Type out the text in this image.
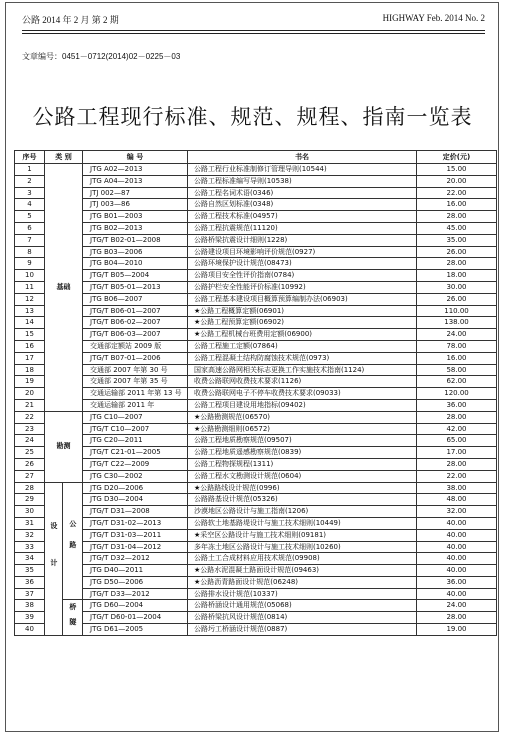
公路 2014 年 2 月 第 2 期	HIGHWAY Feb. 2014 No. 2
文章编号：0451－0712(2014)02－0225－03
公路工程现行标准、规范、规程、指南一览表
序号	类 别		编 号	书名	定价(元)
1	基础		JTG A02—2013	公路工程行业标准制修订管理导则(10544)	15.00
2			JTG A04—2013	公路工程标准编写导则(10538)	20.00
3			JTJ 002—87	公路工程名词术语(0346)	22.00
4			JTJ 003—86	公路自然区划标准(0348)	16.00
5			JTG B01—2003	公路工程技术标准(04957)	28.00
6			JTG B02—2013	公路工程抗震规范(11120)	45.00
7			JTG/T B02-01—2008	公路桥梁抗震设计细则(1228)	35.00
8			JTG B03—2006	公路建设项目环境影响评价规范(0927)	26.00
9			JTG B04—2010	公路环境保护设计规范(08473)	28.00
10			JTG/T B05—2004	公路项目安全性评价指南(0784)	18.00
11			JTG/T B05-01—2013	公路护栏安全性能评价标准(10992)	30.00
12			JTG B06—2007	公路工程基本建设项目概算预算编制办法(06903)	26.00
13			JTG/T B06-01—2007	★公路工程概算定额(06901)	110.00
14			JTG/T B06-02—2007	★公路工程预算定额(06902)	138.00
15			JTG/T B06-03—2007	★公路工程机械台班费用定额(06900)	24.00
16			交通部定额站 2009 版	公路工程施工定额(07864)	78.00
17			JTG/T B07-01—2006	公路工程混凝土结构防腐蚀技术规范(0973)	16.00
18			交通部 2007 年第 30 号	国家高速公路网相关标志更换工作实施技术指南(1124)	58.00
19			交通部 2007 年第 35 号	收费公路联网收费技术要求(1126)	62.00
20			交通运输部 2011 年第 13 号	收费公路联网电子不停车收费技术要求(09033)	120.00
21			交通运输部 2011 年	公路工程项目建设用地指标(09402)	36.00
22	勘测		JTG C10—2007	★公路勘测规范(06570)	28.00
23			JTG/T C10—2007	★公路勘测细则(06572)	42.00
24			JTG C20—2011	公路工程地质勘察规范(09507)	65.00
25			JTG/T C21-01—2005	公路工程地质遥感勘察规范(0839)	17.00
26			JTG/T C22—2009	公路工程物探规程(1311)	28.00
27			JTG C30—2002	公路工程水文勘测设计规范(0604)	22.00
28	设计	公路	JTG D20—2006	★公路路线设计规范(0996)	38.00
29			JTG D30—2004	公路路基设计规范(05326)	48.00
30			JTG/T D31—2008	沙漠地区公路设计与施工指南(1206)	32.00
31			JTG/T D31-02—2013	公路软土地基路堤设计与施工技术细则(10449)	40.00
32			JTG/T D31-03—2011	★采空区公路设计与施工技术细则(09181)	40.00
33			JTG/T D31-04—2012	多年冻土地区公路设计与施工技术细则(10260)	40.00
34			JTG/T D32—2012	公路土工合成材料应用技术规范(09908)	40.00
35			JTG D40—2011	★公路水泥混凝土路面设计规范(09463)	40.00
36			JTG D50—2006	★公路沥青路面设计规范(06248)	36.00
37			JTG/T D33—2012	公路排水设计规范(10337)	40.00
38		桥隧	JTG D60—2004	公路桥涵设计通用规范(05068)	24.00
39			JTG/T D60-01—2004	公路桥梁抗风设计规范(0814)	28.00
40			JTG D61—2005	公路圬工桥涵设计规范(0887)	19.00
